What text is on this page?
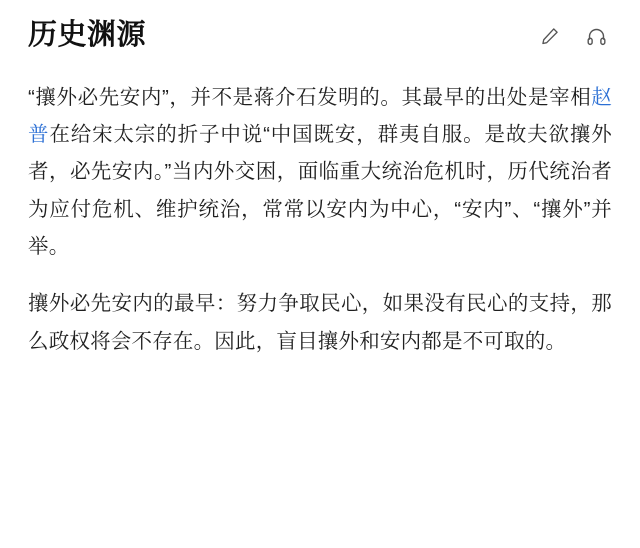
历史渊源

“攘外必先安内”，并不是蒋介石发明的。其最早的出处是宰相赵普在给宋太宗的折子中说“中国既安，群夷自服。是故夫欲攘外者，必先安内。”当内外交困，面临重大统治危机时，历代统治者为应付危机、维护统治，常常以安内为中心，“安内”、“攘外”并举。

攘外必先安内的最早：努力争取民心，如果没有民心的支持，那么政权将会不存在。因此，盲目攘外和安内都是不可取的。
